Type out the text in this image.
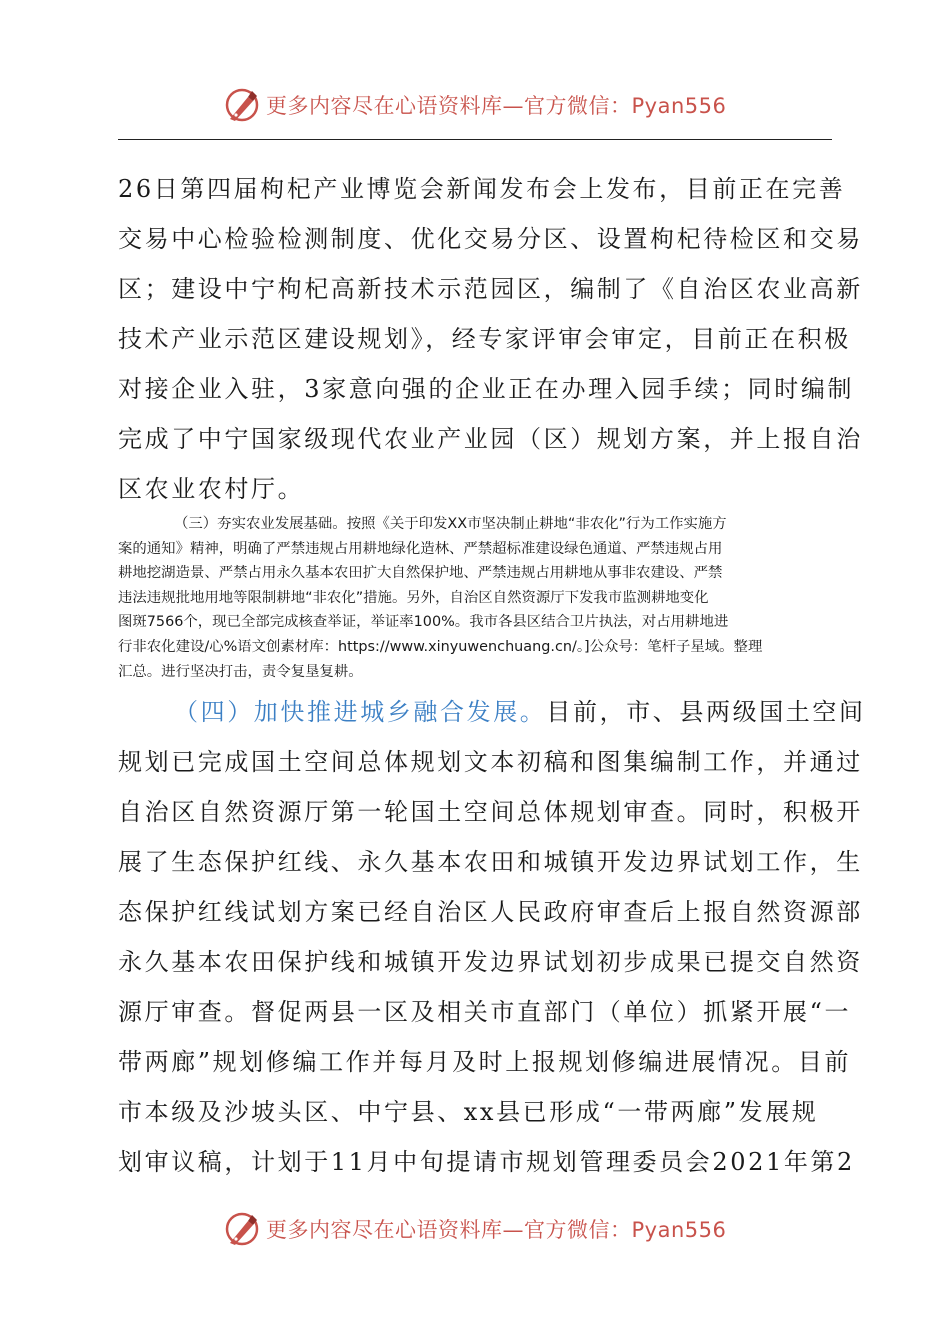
更多内容尽在心语资料库—官方微信：Pyan556
26日第四届枸杞产业博览会新闻发布会上发布，目前正在完善
交易中心检验检测制度、优化交易分区、设置枸杞待检区和交易
区；建设中宁枸杞高新技术示范园区，编制了《自治区农业高新
技术产业示范区建设规划》，经专家评审会审定，目前正在积极
对接企业入驻，3家意向强的企业正在办理入园手续；同时编制
完成了中宁国家级现代农业产业园（区）规划方案，并上报自治
区农业农村厅。
（三）夯实农业发展基础。按照《关于印发XX市坚决制止耕地“非农化”行为工作实施方
案的通知》精神，明确了严禁违规占用耕地绿化造林、严禁超标准建设绿色通道、严禁违规占用
耕地挖湖造景、严禁占用永久基本农田扩大自然保护地、严禁违规占用耕地从事非农建设、严禁
违法违规批地用地等限制耕地“非农化”措施。另外，自治区自然资源厅下发我市监测耕地变化
图斑7566个，现已全部完成核查举证，举证率100%。我市各县区结合卫片执法，对占用耕地进
行非农化建设/心%语文创素材库：https://www.xinyuwenchuang.cn/。]公众号：笔杆子星域。整理
汇总。进行坚决打击，责令复垦复耕。
（四）加快推进城乡融合发展。目前，市、县两级国土空间
规划已完成国土空间总体规划文本初稿和图集编制工作，并通过
自治区自然资源厅第一轮国土空间总体规划审查。同时，积极开
展了生态保护红线、永久基本农田和城镇开发边界试划工作，生
态保护红线试划方案已经自治区人民政府审查后上报自然资源部
永久基本农田保护线和城镇开发边界试划初步成果已提交自然资
源厅审查。督促两县一区及相关市直部门（单位）抓紧开展“一
带两廊”规划修编工作并每月及时上报规划修编进展情况。目前
市本级及沙坡头区、中宁县、xx县已形成“一带两廊”发展规
划审议稿，计划于11月中旬提请市规划管理委员会2021年第2
更多内容尽在心语资料库—官方微信：Pyan556
